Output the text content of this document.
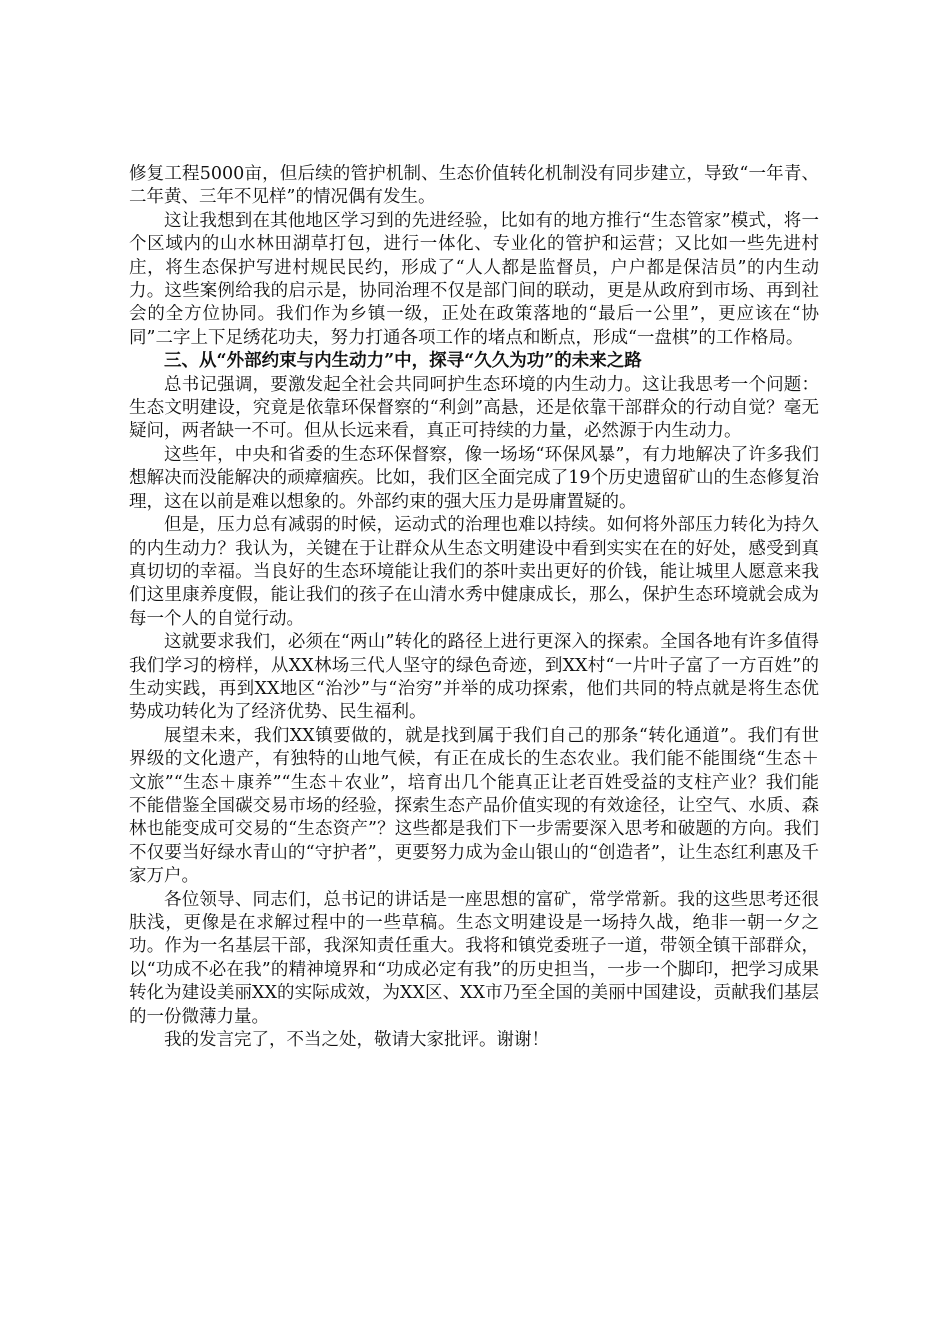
修复工程5000亩，但后续的管护机制、生态价值转化机制没有同步建立，导致“一年青、二年黄、三年不见样”的情况偶有发生。

这让我想到在其他地区学习到的先进经验，比如有的地方推行“生态管家”模式，将一个区域内的山水林田湖草打包，进行一体化、专业化的管护和运营；又比如一些先进村庄，将生态保护写进村规民民约，形成了“人人都是监督员，户户都是保洁员”的内生动力。这些案例给我的启示是，协同治理不仅是部门间的联动，更是从政府到市场、再到社会的全方位协同。我们作为乡镇一级，正处在政策落地的“最后一公里”，更应该在“协同”二字上下足绣花功夫，努力打通各项工作的堵点和断点，形成“一盘棋”的工作格局。

三、从“外部约束与内生动力”中，探寻“久久为功”的未来之路

总书记强调，要激发起全社会共同呵护生态环境的内生动力。这让我思考一个问题：生态文明建设，究竟是依靠环保督察的“利剑”高悬，还是依靠干部群众的行动自觉？毫无疑问，两者缺一不可。但从长远来看，真正可持续的力量，必然源于内生动力。

这些年，中央和省委的生态环保督察，像一场场“环保风暴”，有力地解决了许多我们想解决而没能解决的顽瘴痼疾。比如，我们区全面完成了19个历史遗留矿山的生态修复治理，这在以前是难以想象的。外部约束的强大压力是毋庸置疑的。

但是，压力总有减弱的时候，运动式的治理也难以持续。如何将外部压力转化为持久的内生动力？我认为，关键在于让群众从生态文明建设中看到实实在在的好处，感受到真真切切的幸福。当良好的生态环境能让我们的茶叶卖出更好的价钱，能让城里人愿意来我们这里康养度假，能让我们的孩子在山清水秀中健康成长，那么，保护生态环境就会成为每一个人的自觉行动。

这就要求我们，必须在“两山”转化的路径上进行更深入的探索。全国各地有许多值得我们学习的榜样，从XX林场三代人坚守的绿色奇迹，到XX村“一片叶子富了一方百姓”的生动实践，再到XX地区“治沙”与“治穷”并举的成功探索，他们共同的特点就是将生态优势成功转化为了经济优势、民生福利。

展望未来，我们XX镇要做的，就是找到属于我们自己的那条“转化通道”。我们有世界级的文化遗产，有独特的山地气候，有正在成长的生态农业。我们能不能围绕“生态＋文旅”“生态＋康养”“生态＋农业”，培育出几个能真正让老百姓受益的支柱产业？我们能不能借鉴全国碳交易市场的经验，探索生态产品价值实现的有效途径，让空气、水质、森林也能变成可交易的“生态资产”？这些都是我们下一步需要深入思考和破题的方向。我们不仅要当好绿水青山的“守护者”，更要努力成为金山银山的“创造者”，让生态红利惠及千家万户。

各位领导、同志们，总书记的讲话是一座思想的富矿，常学常新。我的这些思考还很肤浅，更像是在求解过程中的一些草稿。生态文明建设是一场持久战，绝非一朝一夕之功。作为一名基层干部，我深知责任重大。我将和镇党委班子一道，带领全镇干部群众，以“功成不必在我”的精神境界和“功成必定有我”的历史担当，一步一个脚印，把学习成果转化为建设美丽XX的实际成效，为XX区、XX市乃至全国的美丽中国建设，贡献我们基层的一份微薄力量。

我的发言完了，不当之处，敬请大家批评。谢谢！
